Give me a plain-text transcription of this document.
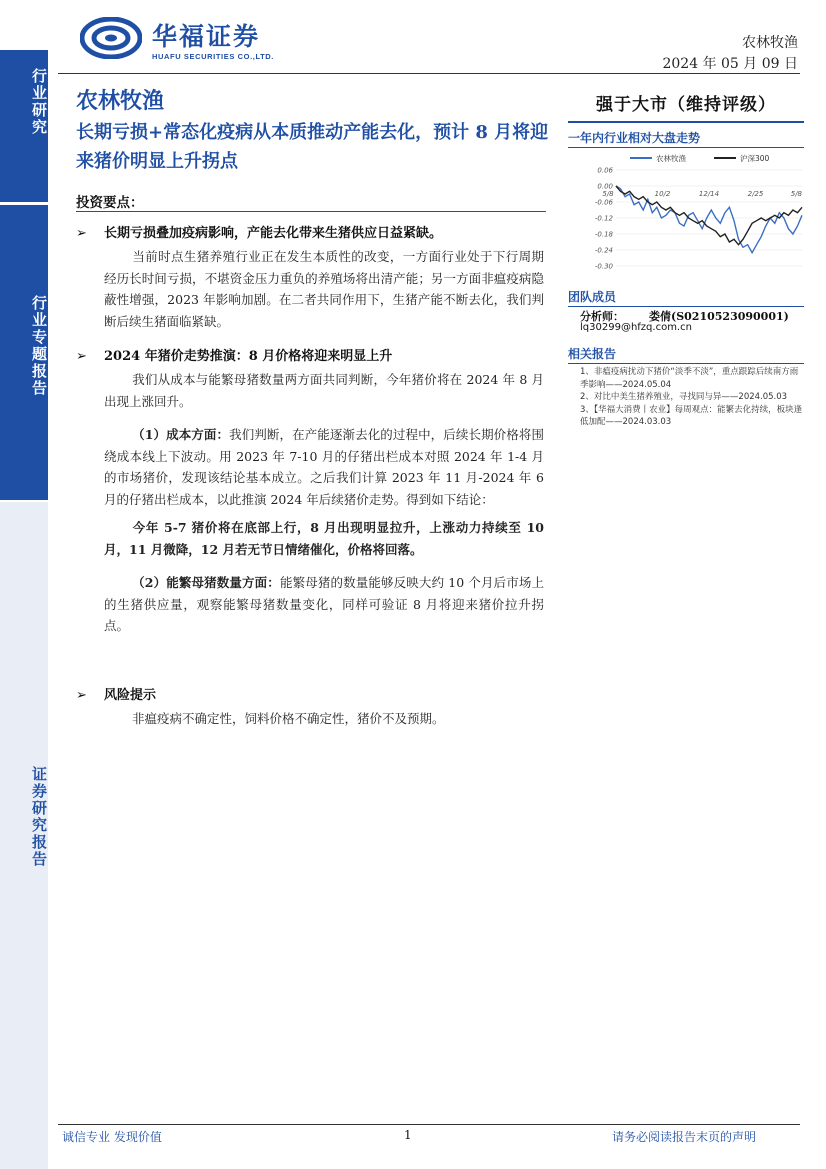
行业研究
行业专题报告
证券研究报告
华福证券
HUAFU SECURITIES CO.,LTD.
农林牧渔
2024 年 05 月 09 日
农林牧渔
长期亏损+常态化疫病从本质推动产能去化，预计 8 月将迎来猪价明显上升拐点
强于大市（维持评级）
一年内行业相对大盘走势
0.06
0.00
-0.06
-0.12
-0.18
-0.24
-0.30
5/8	10/2	12/14	2/25	5/8
农林牧渔	沪深300
团队成员
分析师： 娄倩(S0210523090001)
lq30299@hfzq.com.cn
相关报告
1、非瘟疫病扰动下猪价“淡季不淡”，重点跟踪后续南方雨季影响——2024.05.04
2、对比中美生猪养殖业，寻找同与异——2024.05.03
3、【华福大消费丨农业】每周观点：能繁去化持续，板块逢低加配——2024.03.03
投资要点：
➢ 长期亏损叠加疫病影响，产能去化带来生猪供应日益紧缺。
当前时点生猪养殖行业正在发生本质性的改变，一方面行业处于下行周期经历长时间亏损，不堪资金压力重负的养殖场将出清产能；另一方面非瘟疫病隐蔽性增强，2023 年影响加剧。在二者共同作用下，生猪产能不断去化，我们判断后续生猪面临紧缺。
➢ 2024 年猪价走势推演：8 月价格将迎来明显上升
我们从成本与能繁母猪数量两方面共同判断，今年猪价将在 2024 年 8 月出现上涨回升。
（1）成本方面：我们判断，在产能逐渐去化的过程中，后续长期价格将围绕成本线上下波动。用 2023 年 7-10 月的仔猪出栏成本对照 2024 年 1-4 月的市场猪价，发现该结论基本成立。之后我们计算 2023 年 11 月-2024 年 6 月的仔猪出栏成本，以此推演 2024 年后续猪价走势。得到如下结论：
今年 5-7 猪价将在底部上行，8 月出现明显拉升，上涨动力持续至 10 月，11 月微降，12 月若无节日情绪催化，价格将回落。
（2）能繁母猪数量方面：能繁母猪的数量能够反映大约 10 个月后市场上的生猪供应量，观察能繁母猪数量变化，同样可验证 8 月将迎来猪价拉升拐点。
➢ 风险提示
非瘟疫病不确定性，饲料价格不确定性，猪价不及预期。
诚信专业 发现价值	1	请务必阅读报告末页的声明
